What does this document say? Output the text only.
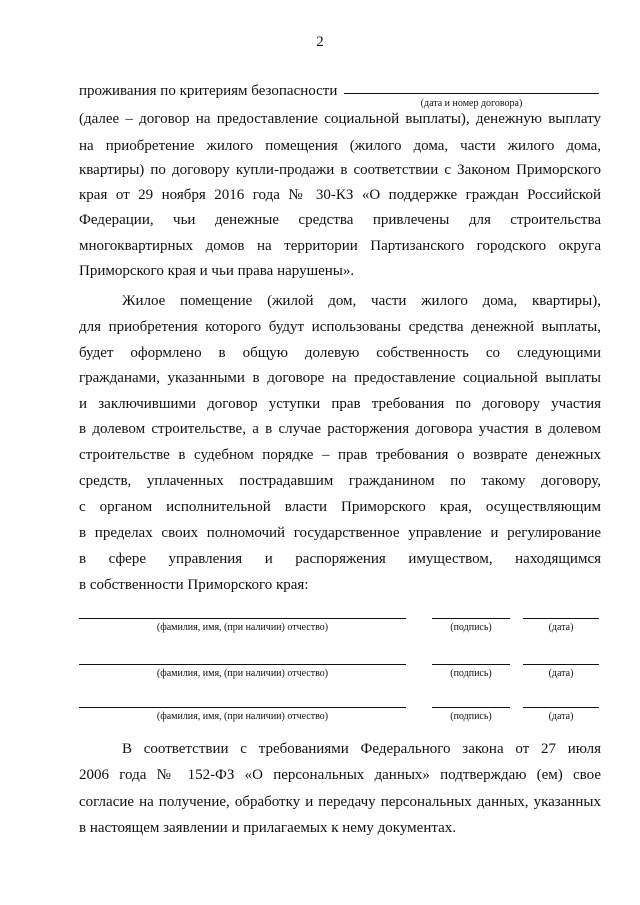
2
проживания по критериям безопасности
(дата и номер договора)
(далее – договор на предоставление социальной выплаты), денежную выплату
на приобретение жилого помещения (жилого дома, части жилого дома,
квартиры) по договору купли-продажи в соответствии с Законом Приморского
края от 29 ноября 2016 года № 30-КЗ «О поддержке граждан Российской
Федерации, чьи денежные средства привлечены для строительства
многоквартирных домов на территории Партизанского городского округа
Приморского края и чьи права нарушены».
Жилое помещение (жилой дом, части жилого дома, квартиры),
для приобретения которого будут использованы средства денежной выплаты,
будет оформлено в общую долевую собственность со следующими
гражданами, указанными в договоре на предоставление социальной выплаты
и заключившими договор уступки прав требования по договору участия
в долевом строительстве, а в случае расторжения договора участия в долевом
строительстве в судебном порядке – прав требования о возврате денежных
средств, уплаченных пострадавшим гражданином по такому договору,
с органом исполнительной власти Приморского края, осуществляющим
в пределах своих полномочий государственное управление и регулирование
в сфере управления и распоряжения имуществом, находящимся
в собственности Приморского края:
(фамилия, имя, (при наличии) отчество)	(подпись)	(дата)
(фамилия, имя, (при наличии) отчество)	(подпись)	(дата)
(фамилия, имя, (при наличии) отчество)	(подпись)	(дата)
В соответствии с требованиями Федерального закона от 27 июля
2006 года № 152-ФЗ «О персональных данных» подтверждаю (ем) свое
согласие на получение, обработку и передачу персональных данных, указанных
в настоящем заявлении и прилагаемых к нему документах.
